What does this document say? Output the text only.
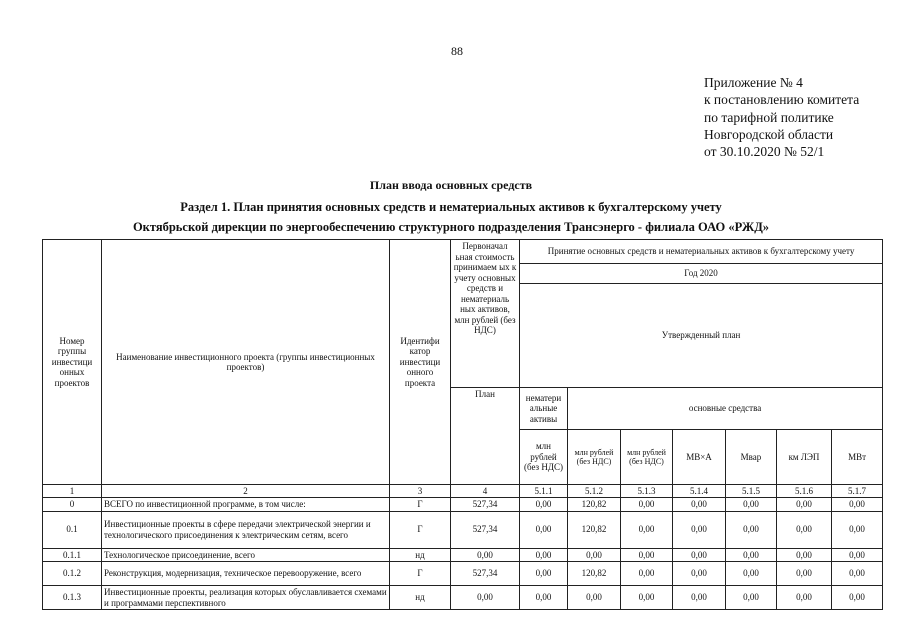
88
Приложение № 4
к постановлению комитета
по тарифной политике
Новгородской области
от 30.10.2020 № 52/1
План ввода основных средств
Раздел 1. План принятия основных средств и нематериальных активов к бухгалтерскому учету
Октябрьской дирекции по энергообеспечению структурного подразделения Трансэнерго - филиала ОАО «РЖД»
Номер группы инвестици онных проектов	Наименование инвестиционного проекта (группы инвестиционных проектов)	Идентифи катор инвестици онного проекта	Первоначал ьная стоимость принимаем ых к учету основных средств и нематериаль ных активов, млн рублей (без НДС)	Принятие основных средств и нематериальных активов к бухгалтерскому учету						
				Год 2020						
				Утвержденный план						
			План	нематери альные активы	основные средства					
				млн рублей (без НДС)	млн рублей (без НДС)	млн рублей (без НДС)	МВ×А	Мвар	км ЛЭП	МВт
1	2	3	4	5.1.1	5.1.2	5.1.3	5.1.4	5.1.5	5.1.6	5.1.7
0	ВСЕГО по инвестиционной программе, в том числе:	Г	527,34	0,00	120,82	0,00	0,00	0,00	0,00	0,00
0.1	Инвестиционные проекты в сфере передачи электрической энергии и технологического присоединения к электрическим сетям, всего	Г	527,34	0,00	120,82	0,00	0,00	0,00	0,00	0,00
0.1.1	Технологическое присоединение, всего	нд	0,00	0,00	0,00	0,00	0,00	0,00	0,00	0,00
0.1.2	Реконструкция, модернизация, техническое перевооружение, всего	Г	527,34	0,00	120,82	0,00	0,00	0,00	0,00	0,00
0.1.3	Инвестиционные проекты, реализация которых обуславливается схемами и программами перспективного	нд	0,00	0,00	0,00	0,00	0,00	0,00	0,00	0,00
